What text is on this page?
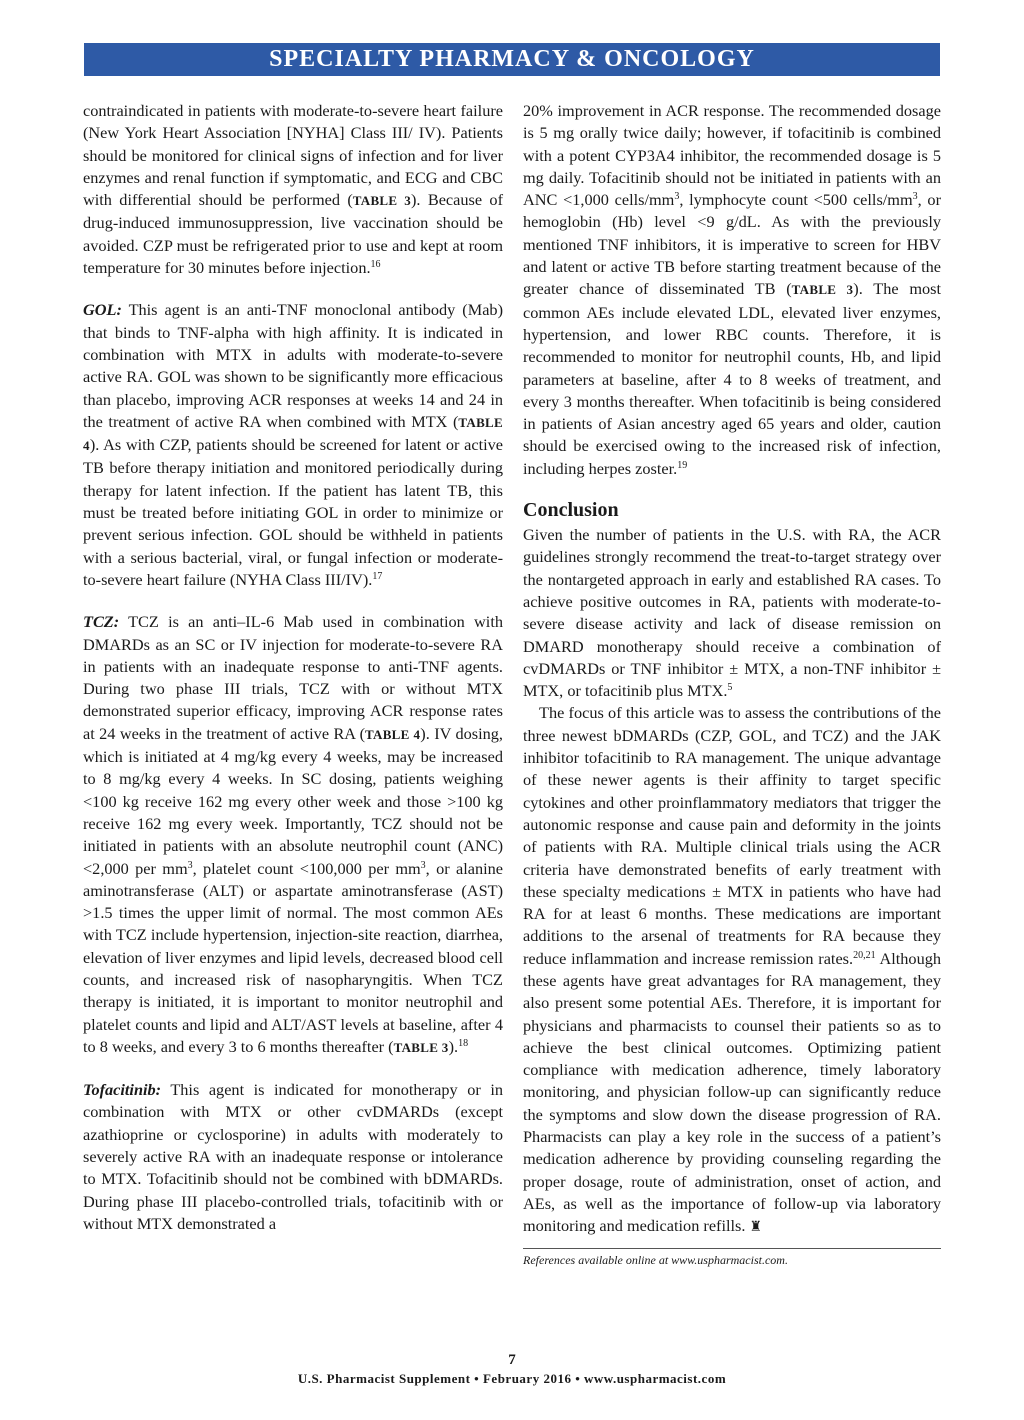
SPECIALTY PHARMACY & ONCOLOGY

contraindicated in patients with moderate-to-severe heart failure (New York Heart Association [NYHA] Class III/ IV). Patients should be monitored for clinical signs of infection and for liver enzymes and renal function if symptomatic, and ECG and CBC with differential should be performed (TABLE 3). Because of drug-induced immunosuppression, live vaccination should be avoided. CZP must be refrigerated prior to use and kept at room temperature for 30 minutes before injection.$^{16}$

GOL: This agent is an anti-TNF monoclonal antibody (Mab) that binds to TNF-alpha with high affinity. It is indicated in combination with MTX in adults with moderate-to-severe active RA. GOL was shown to be significantly more efficacious than placebo, improving ACR responses at weeks 14 and 24 in the treatment of active RA when combined with MTX (TABLE 4). As with CZP, patients should be screened for latent or active TB before therapy initiation and monitored periodically during therapy for latent infection. If the patient has latent TB, this must be treated before initiating GOL in order to minimize or prevent serious infection. GOL should be withheld in patients with a serious bacterial, viral, or fungal infection or moderate-to-severe heart failure (NYHA Class III/IV).$^{17}$

TCZ: TCZ is an anti–IL-6 Mab used in combination with DMARDs as an SC or IV injection for moderate-to-severe RA in patients with an inadequate response to anti-TNF agents. During two phase III trials, TCZ with or without MTX demonstrated superior efficacy, improving ACR response rates at 24 weeks in the treatment of active RA (TABLE 4). IV dosing, which is initiated at 4 mg/kg every 4 weeks, may be increased to 8 mg/kg every 4 weeks. In SC dosing, patients weighing <100 kg receive 162 mg every other week and those >100 kg receive 162 mg every week. Importantly, TCZ should not be initiated in patients with an absolute neutrophil count (ANC) <2,000 per $mm^3$, platelet count <100,000 per $mm^3$, or alanine aminotransferase (ALT) or aspartate aminotransferase (AST) >1.5 times the upper limit of normal. The most common AEs with TCZ include hypertension, injection-site reaction, diarrhea, elevation of liver enzymes and lipid levels, decreased blood cell counts, and increased risk of nasopharyngitis. When TCZ therapy is initiated, it is important to monitor neutrophil and platelet counts and lipid and ALT/AST levels at baseline, after 4 to 8 weeks, and every 3 to 6 months thereafter (TABLE 3).$^{18}$

Tofacitinib: This agent is indicated for monotherapy or in combination with MTX or other cvDMARDs (except azathioprine or cyclosporine) in adults with moderately to severely active RA with an inadequate response or intolerance to MTX. Tofacitinib should not be combined with bDMARDs. During phase III placebo-controlled trials, tofacitinib with or without MTX demonstrated a

20% improvement in ACR response. The recommended dosage is 5 mg orally twice daily; however, if tofacitinib is combined with a potent CYP3A4 inhibitor, the recommended dosage is 5 mg daily. Tofacitinib should not be initiated in patients with an ANC <1,000 cells/$mm^3$, lymphocyte count <500 cells/$mm^3$, or hemoglobin (Hb) level <9 g/dL. As with the previously mentioned TNF inhibitors, it is imperative to screen for HBV and latent or active TB before starting treatment because of the greater chance of disseminated TB (TABLE 3). The most common AEs include elevated LDL, elevated liver enzymes, hypertension, and lower RBC counts. Therefore, it is recommended to monitor for neutrophil counts, Hb, and lipid parameters at baseline, after 4 to 8 weeks of treatment, and every 3 months thereafter. When tofacitinib is being considered in patients of Asian ancestry aged 65 years and older, caution should be exercised owing to the increased risk of infection, including herpes zoster.$^{19}$

Conclusion

Given the number of patients in the U.S. with RA, the ACR guidelines strongly recommend the treat-to-target strategy over the nontargeted approach in early and established RA cases. To achieve positive outcomes in RA, patients with moderate-to-severe disease activity and lack of disease remission on DMARD monotherapy should receive a combination of cvDMARDs or TNF inhibitor ± MTX, a non-TNF inhibitor ± MTX, or tofacitinib plus MTX.$^5$

The focus of this article was to assess the contributions of the three newest bDMARDs (CZP, GOL, and TCZ) and the JAK inhibitor tofacitinib to RA management. The unique advantage of these newer agents is their affinity to target specific cytokines and other proinflammatory mediators that trigger the autonomic response and cause pain and deformity in the joints of patients with RA. Multiple clinical trials using the ACR criteria have demonstrated benefits of early treatment with these specialty medications ± MTX in patients who have had RA for at least 6 months. These medications are important additions to the arsenal of treatments for RA because they reduce inflammation and increase remission rates.$^{20,21}$ Although these agents have great advantages for RA management, they also present some potential AEs. Therefore, it is important for physicians and pharmacists to counsel their patients so as to achieve the best clinical outcomes. Optimizing patient compliance with medication adherence, timely laboratory monitoring, and physician follow-up can significantly reduce the symptoms and slow down the disease progression of RA. Pharmacists can play a key role in the success of a patient’s medication adherence by providing counseling regarding the proper dosage, route of administration, onset of action, and AEs, as well as the importance of follow-up via laboratory monitoring and medication refills. ♜

References available online at www.uspharmacist.com.
7
U.S. Pharmacist Supplement • February 2016 • www.uspharmacist.com
